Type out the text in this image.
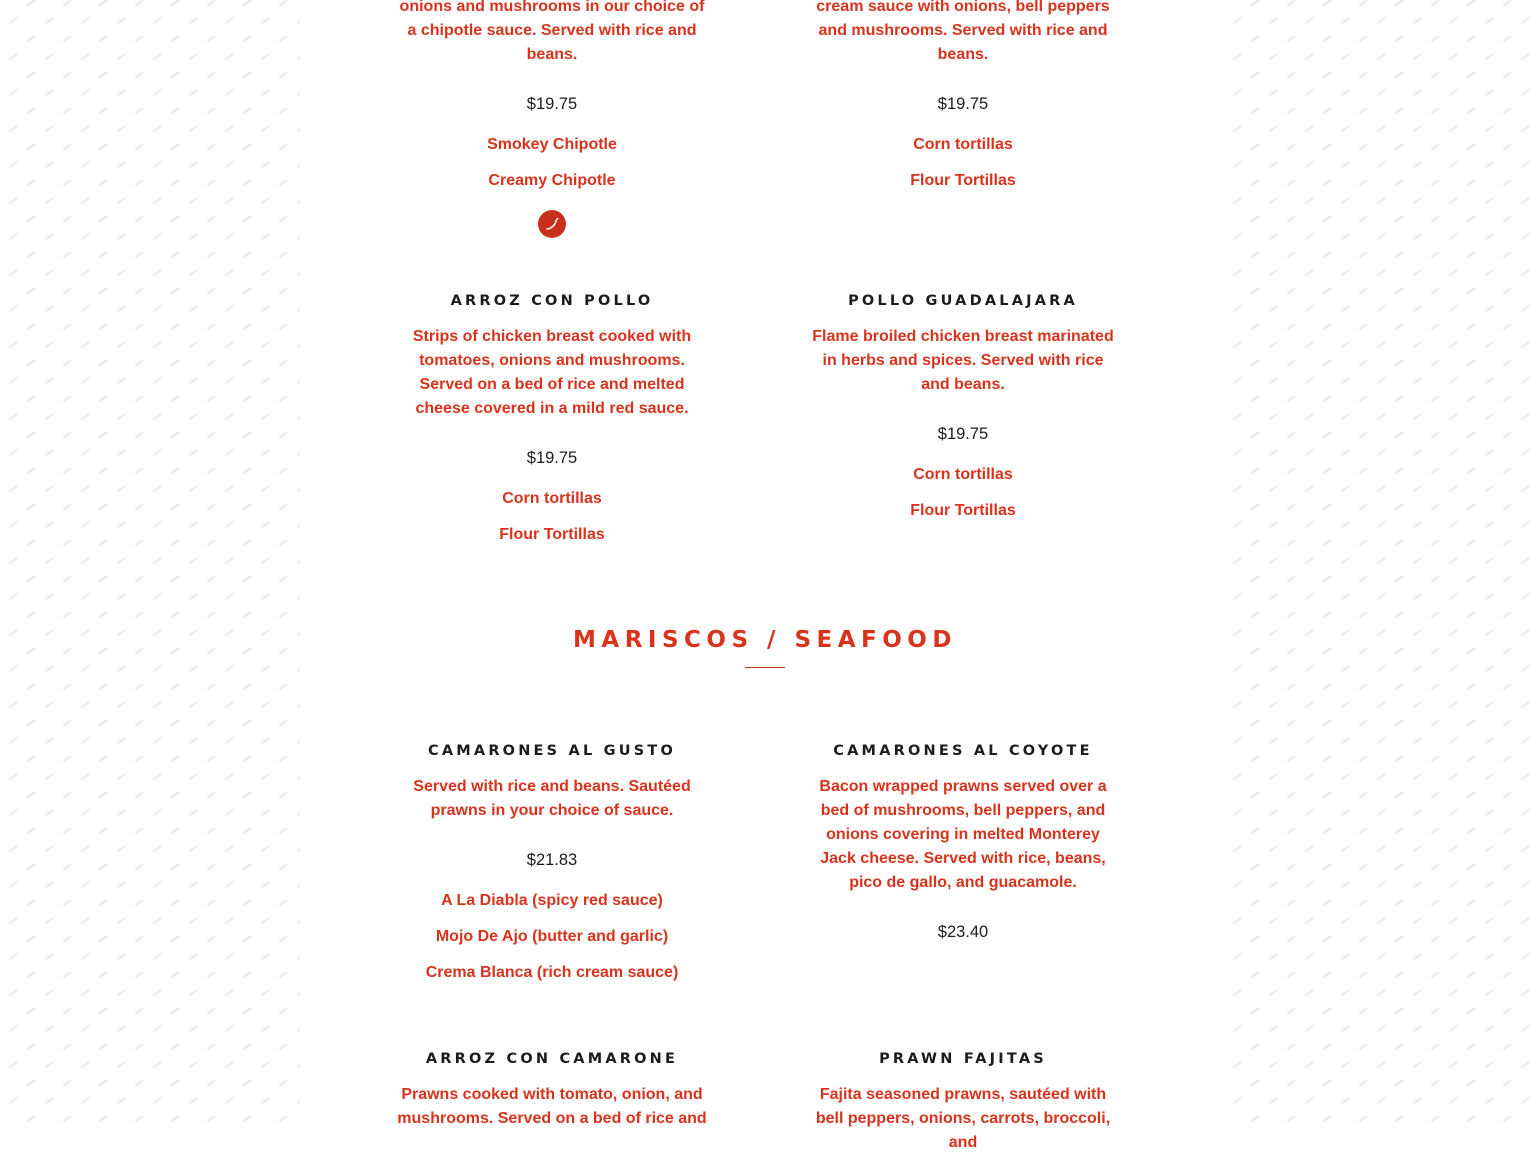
onions and mushrooms in our choice of a chipotle sauce. Served with rice and beans.
$19.75
Smokey Chipotle
Creamy Chipotle
cream sauce with onions, bell peppers and mushrooms. Served with rice and beans.
$19.75
Corn tortillas
Flour Tortillas
ARROZ CON POLLO
Strips of chicken breast cooked with tomatoes, onions and mushrooms. Served on a bed of rice and melted cheese covered in a mild red sauce.
$19.75
Corn tortillas
Flour Tortillas
POLLO GUADALAJARA
Flame broiled chicken breast marinated in herbs and spices. Served with rice and beans.
$19.75
Corn tortillas
Flour Tortillas
MARISCOS / SEAFOOD
CAMARONES AL GUSTO
Served with rice and beans. Sautéed prawns in your choice of sauce.
$21.83
A La Diabla (spicy red sauce)
Mojo De Ajo (butter and garlic)
Crema Blanca (rich cream sauce)
CAMARONES AL COYOTE
Bacon wrapped prawns served over a bed of mushrooms, bell peppers, and onions covering in melted Monterey Jack cheese. Served with rice, beans, pico de gallo, and guacamole.
$23.40
ARROZ CON CAMARONE
Prawns cooked with tomato, onion, and mushrooms. Served on a bed of rice and
PRAWN FAJITAS
Fajita seasoned prawns, sautéed with bell peppers, onions, carrots, broccoli, and
